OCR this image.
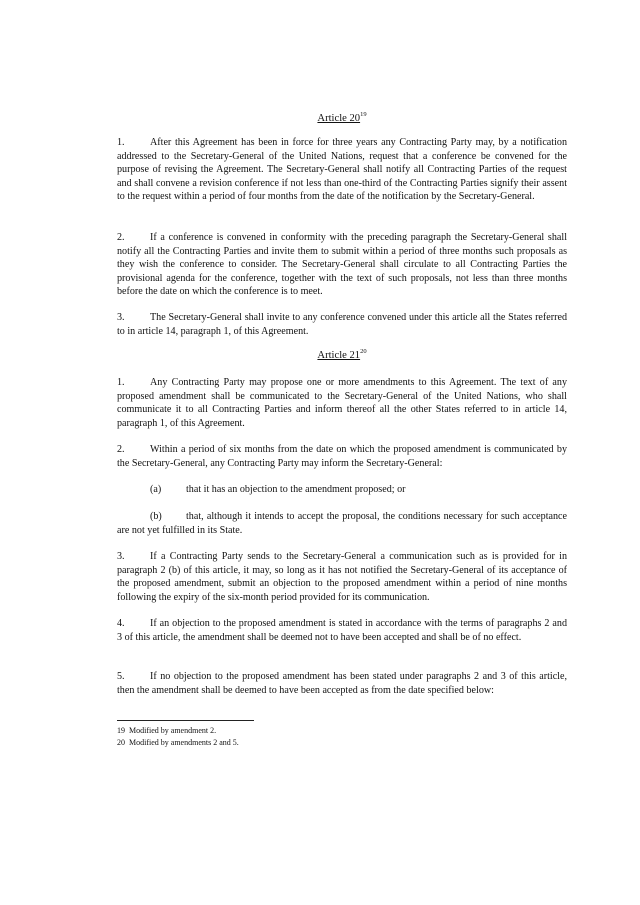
Article $20^{19}$
1.	After this Agreement has been in force for three years any Contracting Party may, by a notification addressed to the Secretary-General of the United Nations, request that a conference be convened for the purpose of revising the Agreement. The Secretary-General shall notify all Contracting Parties of the request and shall convene a revision conference if not less than one-third of the Contracting Parties signify their assent to the request within a period of four months from the date of the notification by the Secretary-General.
2.	If a conference is convened in conformity with the preceding paragraph the Secretary-General shall notify all the Contracting Parties and invite them to submit within a period of three months such proposals as they wish the conference to consider. The Secretary-General shall circulate to all Contracting Parties the provisional agenda for the conference, together with the text of such proposals, not less than three months before the date on which the conference is to meet.
3.	The Secretary-General shall invite to any conference convened under this article all the States referred to in article 14, paragraph 1, of this Agreement.
Article $21^{20}$
1.	Any Contracting Party may propose one or more amendments to this Agreement. The text of any proposed amendment shall be communicated to the Secretary-General of the United Nations, who shall communicate it to all Contracting Parties and inform thereof all the other States referred to in article 14, paragraph 1, of this Agreement.
2.	Within a period of six months from the date on which the proposed amendment is communicated by the Secretary-General, any Contracting Party may inform the Secretary-General:
(a) that it has an objection to the amendment proposed; or
(b) that, although it intends to accept the proposal, the conditions necessary for such acceptance are not yet fulfilled in its State.
3.	If a Contracting Party sends to the Secretary-General a communication such as is provided for in paragraph 2 (b) of this article, it may, so long as it has not notified the Secretary-General of its acceptance of the proposed amendment, submit an objection to the proposed amendment within a period of nine months following the expiry of the six-month period provided for its communication.
4.	If an objection to the proposed amendment is stated in accordance with the terms of paragraphs 2 and 3 of this article, the amendment shall be deemed not to have been accepted and shall be of no effect.
5.	If no objection to the proposed amendment has been stated under paragraphs 2 and 3 of this article, then the amendment shall be deemed to have been accepted as from the date specified below:
19 Modified by amendment 2.
20 Modified by amendments 2 and 5.
